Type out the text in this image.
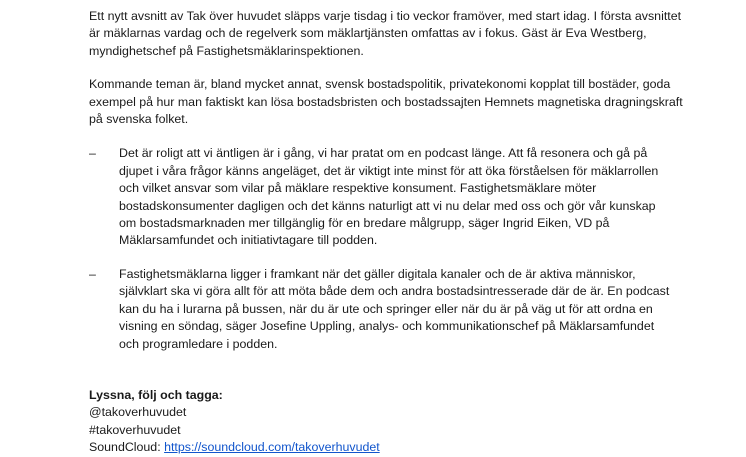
Ett nytt avsnitt av Tak över huvudet släpps varje tisdag i tio veckor framöver, med start idag. I första avsnittet är mäklarnas vardag och de regelverk som mäklartjänsten omfattas av i fokus. Gäst är Eva Westberg, myndighetschef på Fastighetsmäklarinspektionen.

Kommande teman är, bland mycket annat, svensk bostadspolitik, privatekonomi kopplat till bostäder, goda exempel på hur man faktiskt kan lösa bostadsbristen och bostadssajten Hemnets magnetiska dragningskraft på svenska folket.

– Det är roligt att vi äntligen är i gång, vi har pratat om en podcast länge. Att få resonera och gå på djupet i våra frågor känns angeläget, det är viktigt inte minst för att öka förståelsen för mäklarrollen och vilket ansvar som vilar på mäklare respektive konsument. Fastighetsmäklare möter bostadskonsumenter dagligen och det känns naturligt att vi nu delar med oss och gör vår kunskap om bostadsmarknaden mer tillgänglig för en bredare målgrupp, säger Ingrid Eiken, VD på Mäklarsamfundet och initiativtagare till podden.
– Fastighetsmäklarna ligger i framkant när det gäller digitala kanaler och de är aktiva människor, självklart ska vi göra allt för att möta både dem och andra bostadsintresserade där de är. En podcast kan du ha i lurarna på bussen, när du är ute och springer eller när du är på väg ut för att ordna en visning en söndag, säger Josefine Uppling, analys- och kommunikationschef på Mäklarsamfundet och programledare i podden.

Lyssna, följ och tagga:

@takoverhuvudet

#takoverhuvudet

SoundCloud: https://soundcloud.com/takoverhuvudet
